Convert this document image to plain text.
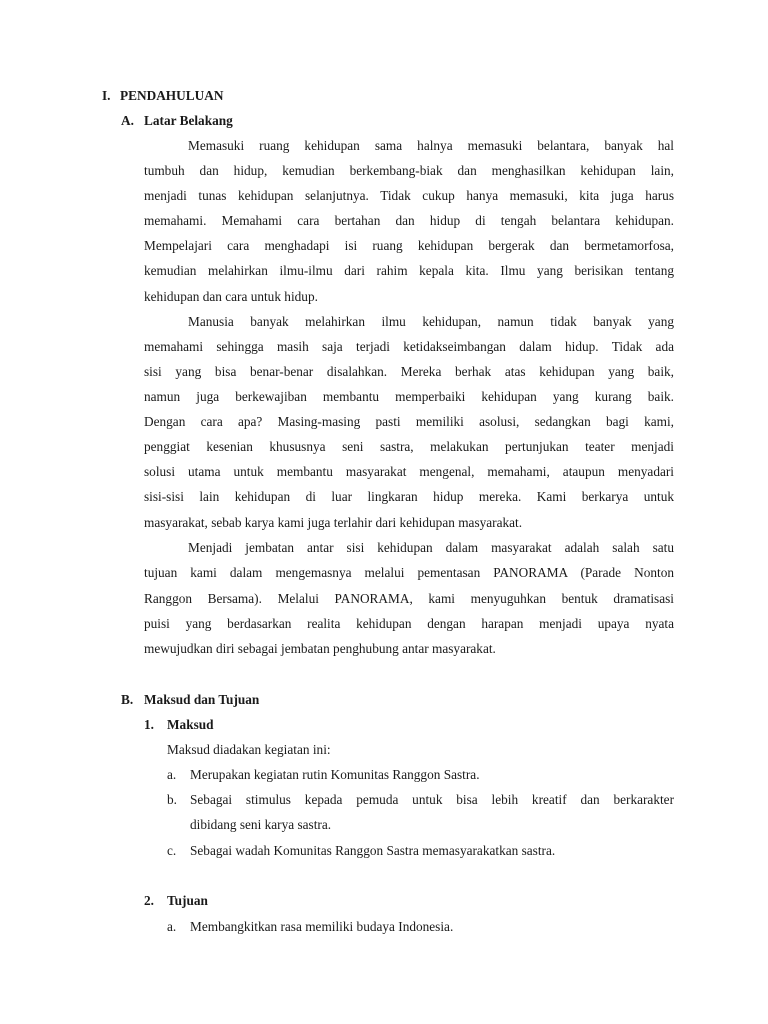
I. PENDAHULUAN
A. Latar Belakang
Memasuki ruang kehidupan sama halnya memasuki belantara, banyak hal
tumbuh dan hidup, kemudian berkembang-biak dan menghasilkan kehidupan lain,
menjadi tunas kehidupan selanjutnya. Tidak cukup hanya memasuki, kita juga harus
memahami. Memahami cara bertahan dan hidup di tengah belantara kehidupan.
Mempelajari cara menghadapi isi ruang kehidupan bergerak dan bermetamorfosa,
kemudian melahirkan ilmu-ilmu dari rahim kepala kita. Ilmu yang berisikan tentang
kehidupan dan cara untuk hidup.
Manusia banyak melahirkan ilmu kehidupan, namun tidak banyak yang
memahami sehingga masih saja terjadi ketidakseimbangan dalam hidup. Tidak ada
sisi yang bisa benar-benar disalahkan. Mereka berhak atas kehidupan yang baik,
namun juga berkewajiban membantu memperbaiki kehidupan yang kurang baik.
Dengan cara apa? Masing-masing pasti memiliki asolusi, sedangkan bagi kami,
penggiat kesenian khususnya seni sastra, melakukan pertunjukan teater menjadi
solusi utama untuk membantu masyarakat mengenal, memahami, ataupun menyadari
sisi-sisi lain kehidupan di luar lingkaran hidup mereka. Kami berkarya untuk
masyarakat, sebab karya kami juga terlahir dari kehidupan masyarakat.
Menjadi jembatan antar sisi kehidupan dalam masyarakat adalah salah satu
tujuan kami dalam mengemasnya melalui pementasan PANORAMA (Parade Nonton
Ranggon Bersama). Melalui PANORAMA, kami menyuguhkan bentuk dramatisasi
puisi yang berdasarkan realita kehidupan dengan harapan menjadi upaya nyata
mewujudkan diri sebagai jembatan penghubung antar masyarakat.
B. Maksud dan Tujuan
1. Maksud
Maksud diadakan kegiatan ini:
a. Merupakan kegiatan rutin Komunitas Ranggon Sastra.
b. Sebagai stimulus kepada pemuda untuk bisa lebih kreatif dan berkarakter
dibidang seni karya sastra.
c. Sebagai wadah Komunitas Ranggon Sastra memasyarakatkan sastra.
2. Tujuan
a. Membangkitkan rasa memiliki budaya Indonesia.
